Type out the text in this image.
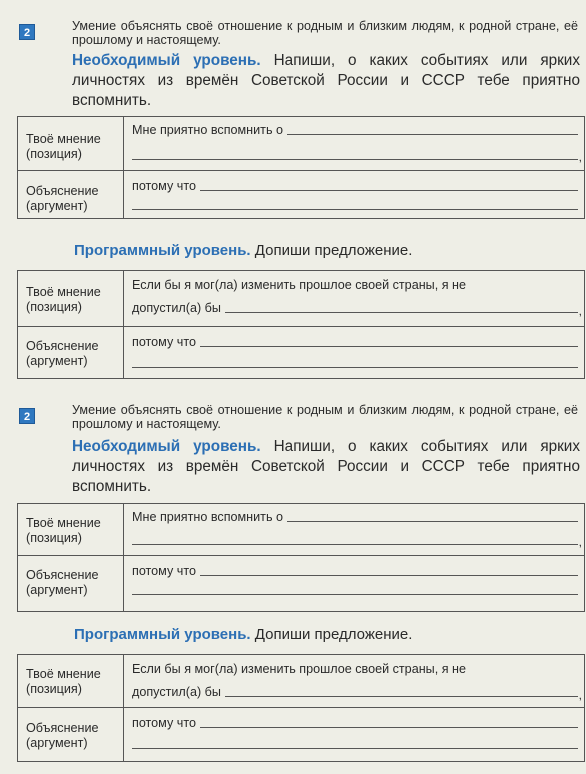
2	Умение объяснять своё отношение к родным и близким людям, к родной стране, её прошлому и настоящему.
Необходимый уровень. Напиши, о каких событиях или ярких личностях из времён Советской России и СССР тебе приятно вспомнить.
Твоё мнение (позиция)	Мне приятно вспомнить о
,

Объяснение (аргумент)	потому что
Программный уровень. Допиши предложение.
Твоё мнение (позиция)	Если бы я мог(ла) изменить прошлое своей страны, я не
допустил(а) бы ,

Объяснение (аргумент)	потому что
2	Умение объяснять своё отношение к родным и близким людям, к родной стране, её прошлому и настоящему.
Необходимый уровень. Напиши, о каких событиях или ярких личностях из времён Советской России и СССР тебе приятно вспомнить.
Твоё мнение (позиция)	Мне приятно вспомнить о
,

Объяснение (аргумент)	потому что
Программный уровень. Допиши предложение.
Твоё мнение (позиция)	Если бы я мог(ла) изменить прошлое своей страны, я не
допустил(а) бы ,

Объяснение (аргумент)	потому что
